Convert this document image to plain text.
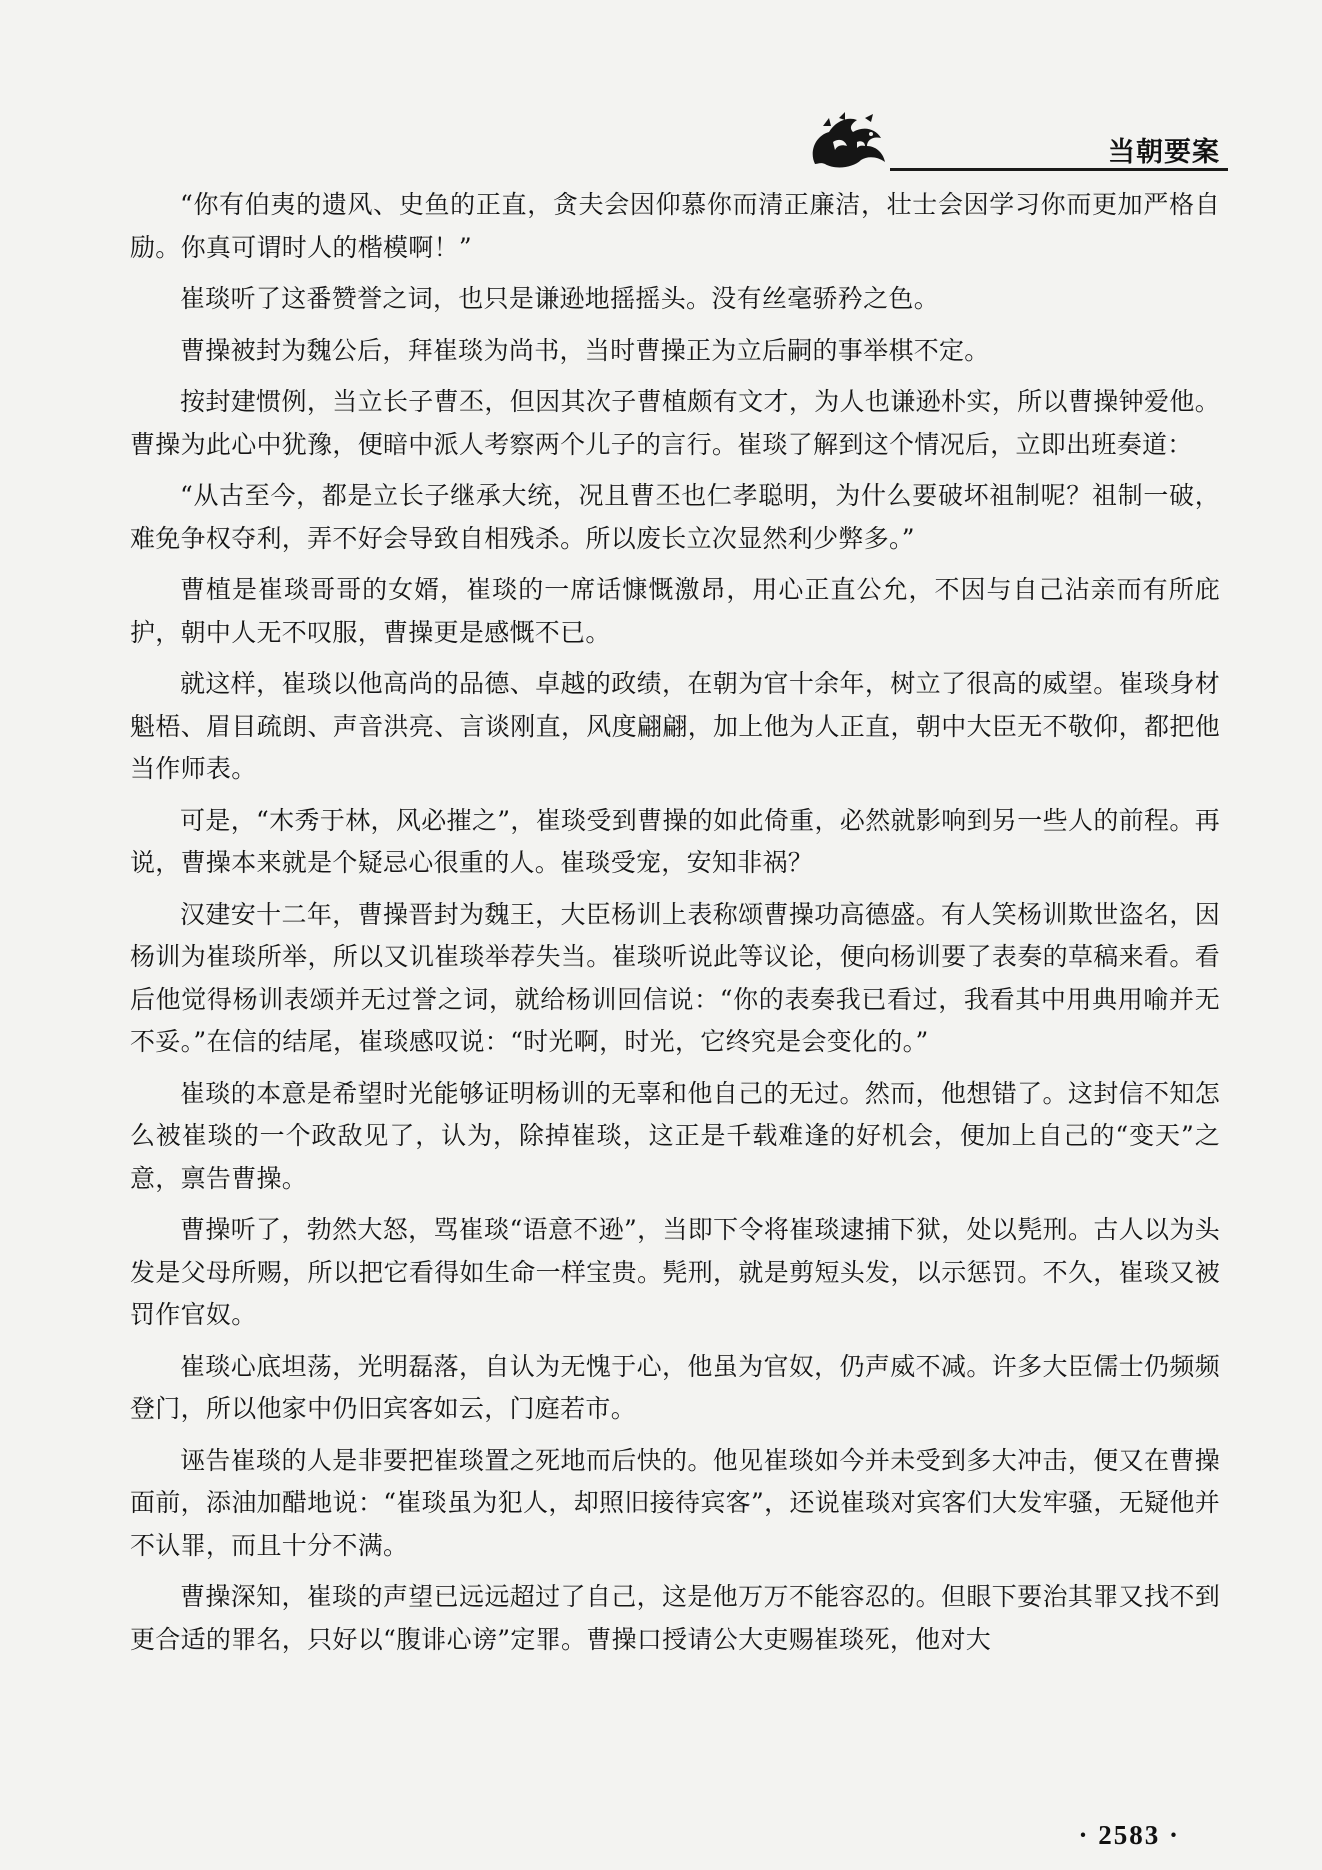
当朝要案

“你有伯夷的遗风、史鱼的正直，贪夫会因仰慕你而清正廉洁，壮士会因学习你而更加严格自励。你真可谓时人的楷模啊！”

崔琰听了这番赞誉之词，也只是谦逊地摇摇头。没有丝毫骄矜之色。

曹操被封为魏公后，拜崔琰为尚书，当时曹操正为立后嗣的事举棋不定。

按封建惯例，当立长子曹丕，但因其次子曹植颇有文才，为人也谦逊朴实，所以曹操钟爱他。曹操为此心中犹豫，便暗中派人考察两个儿子的言行。崔琰了解到这个情况后，立即出班奏道：

“从古至今，都是立长子继承大统，况且曹丕也仁孝聪明，为什么要破坏祖制呢？祖制一破，难免争权夺利，弄不好会导致自相残杀。所以废长立次显然利少弊多。”

曹植是崔琰哥哥的女婿，崔琰的一席话慷慨激昂，用心正直公允，不因与自己沾亲而有所庇护，朝中人无不叹服，曹操更是感慨不已。

就这样，崔琰以他高尚的品德、卓越的政绩，在朝为官十余年，树立了很高的威望。崔琰身材魁梧、眉目疏朗、声音洪亮、言谈刚直，风度翩翩，加上他为人正直，朝中大臣无不敬仰，都把他当作师表。

可是，“木秀于林，风必摧之”，崔琰受到曹操的如此倚重，必然就影响到另一些人的前程。再说，曹操本来就是个疑忌心很重的人。崔琰受宠，安知非祸？

汉建安十二年，曹操晋封为魏王，大臣杨训上表称颂曹操功高德盛。有人笑杨训欺世盗名，因杨训为崔琰所举，所以又讥崔琰举荐失当。崔琰听说此等议论，便向杨训要了表奏的草稿来看。看后他觉得杨训表颂并无过誉之词，就给杨训回信说：“你的表奏我已看过，我看其中用典用喻并无不妥。”在信的结尾，崔琰感叹说：“时光啊，时光，它终究是会变化的。”

崔琰的本意是希望时光能够证明杨训的无辜和他自己的无过。然而，他想错了。这封信不知怎么被崔琰的一个政敌见了，认为，除掉崔琰，这正是千载难逢的好机会，便加上自己的“变天”之意，禀告曹操。

曹操听了，勃然大怒，骂崔琰“语意不逊”，当即下令将崔琰逮捕下狱，处以髡刑。古人以为头发是父母所赐，所以把它看得如生命一样宝贵。髡刑，就是剪短头发，以示惩罚。不久，崔琰又被罚作官奴。

崔琰心底坦荡，光明磊落，自认为无愧于心，他虽为官奴，仍声威不减。许多大臣儒士仍频频登门，所以他家中仍旧宾客如云，门庭若市。

诬告崔琰的人是非要把崔琰置之死地而后快的。他见崔琰如今并未受到多大冲击，便又在曹操面前，添油加醋地说：“崔琰虽为犯人，却照旧接待宾客”，还说崔琰对宾客们大发牢骚，无疑他并不认罪，而且十分不满。

曹操深知，崔琰的声望已远远超过了自己，这是他万万不能容忍的。但眼下要治其罪又找不到更合适的罪名，只好以“腹诽心谤”定罪。曹操口授请公大吏赐崔琰死，他对大

· 2583 ·
